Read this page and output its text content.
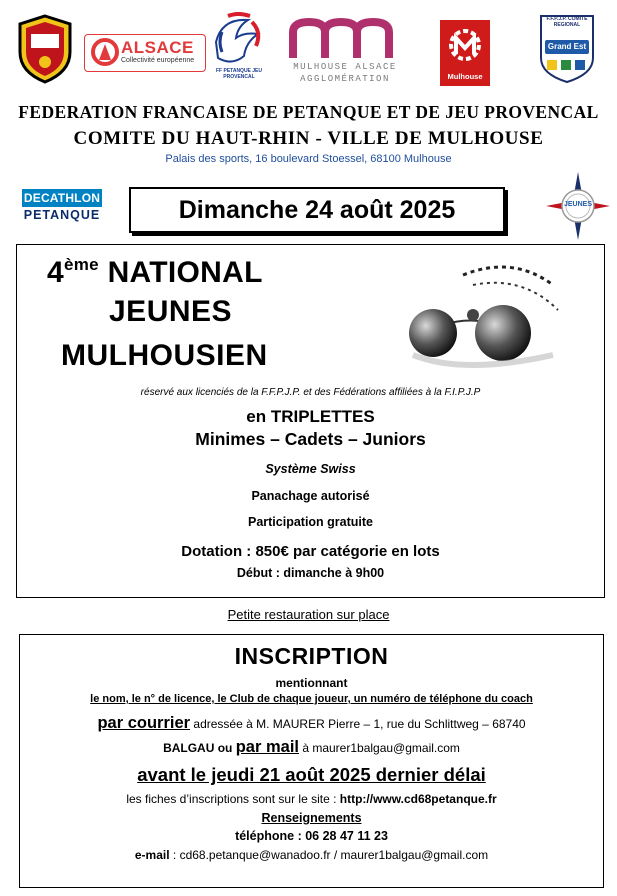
ALSACE
Collectivité européenne
FF PETANQUE JEU PROVENCAL
MULHOUSE ALSACE
AGGLOMÉRATION	Mulhouse
F.F.P.J.P. COMITE REGIONAL
Grand Est
FEDERATION FRANCAISE DE PETANQUE ET DE JEU PROVENCAL
COMITE DU HAUT-RHIN - VILLE DE MULHOUSE
Palais des sports, 16 boulevard Stoessel, 68100 Mulhouse
DECATHLON
PETANQUE	Dimanche 24 août 2025	JEUNES
4ème NATIONAL
JEUNES
MULHOUSIEN
réservé aux licenciés de la F.F.P.J.P. et des Fédérations affiliées à la F.I.P.J.P
en TRIPLETTES
Minimes – Cadets – Juniors
Système Swiss
Panachage autorisé
Participation gratuite
Dotation : 850€ par catégorie en lots
Début : dimanche à 9h00
Petite restauration sur place
INSCRIPTION
mentionnant
le nom, le n° de licence, le Club de chaque joueur, un numéro de téléphone du coach
par courrier adressée à M. MAURER Pierre – 1, rue du Schlittweg – 68740
BALGAU ou par mail à maurer1balgau@gmail.com
avant le jeudi 21 août 2025 dernier délai
les fiches d’inscriptions sont sur le site : http://www.cd68petanque.fr
Renseignements
téléphone : 06 28 47 11 23
e-mail : cd68.petanque@wanadoo.fr / maurer1balgau@gmail.com
